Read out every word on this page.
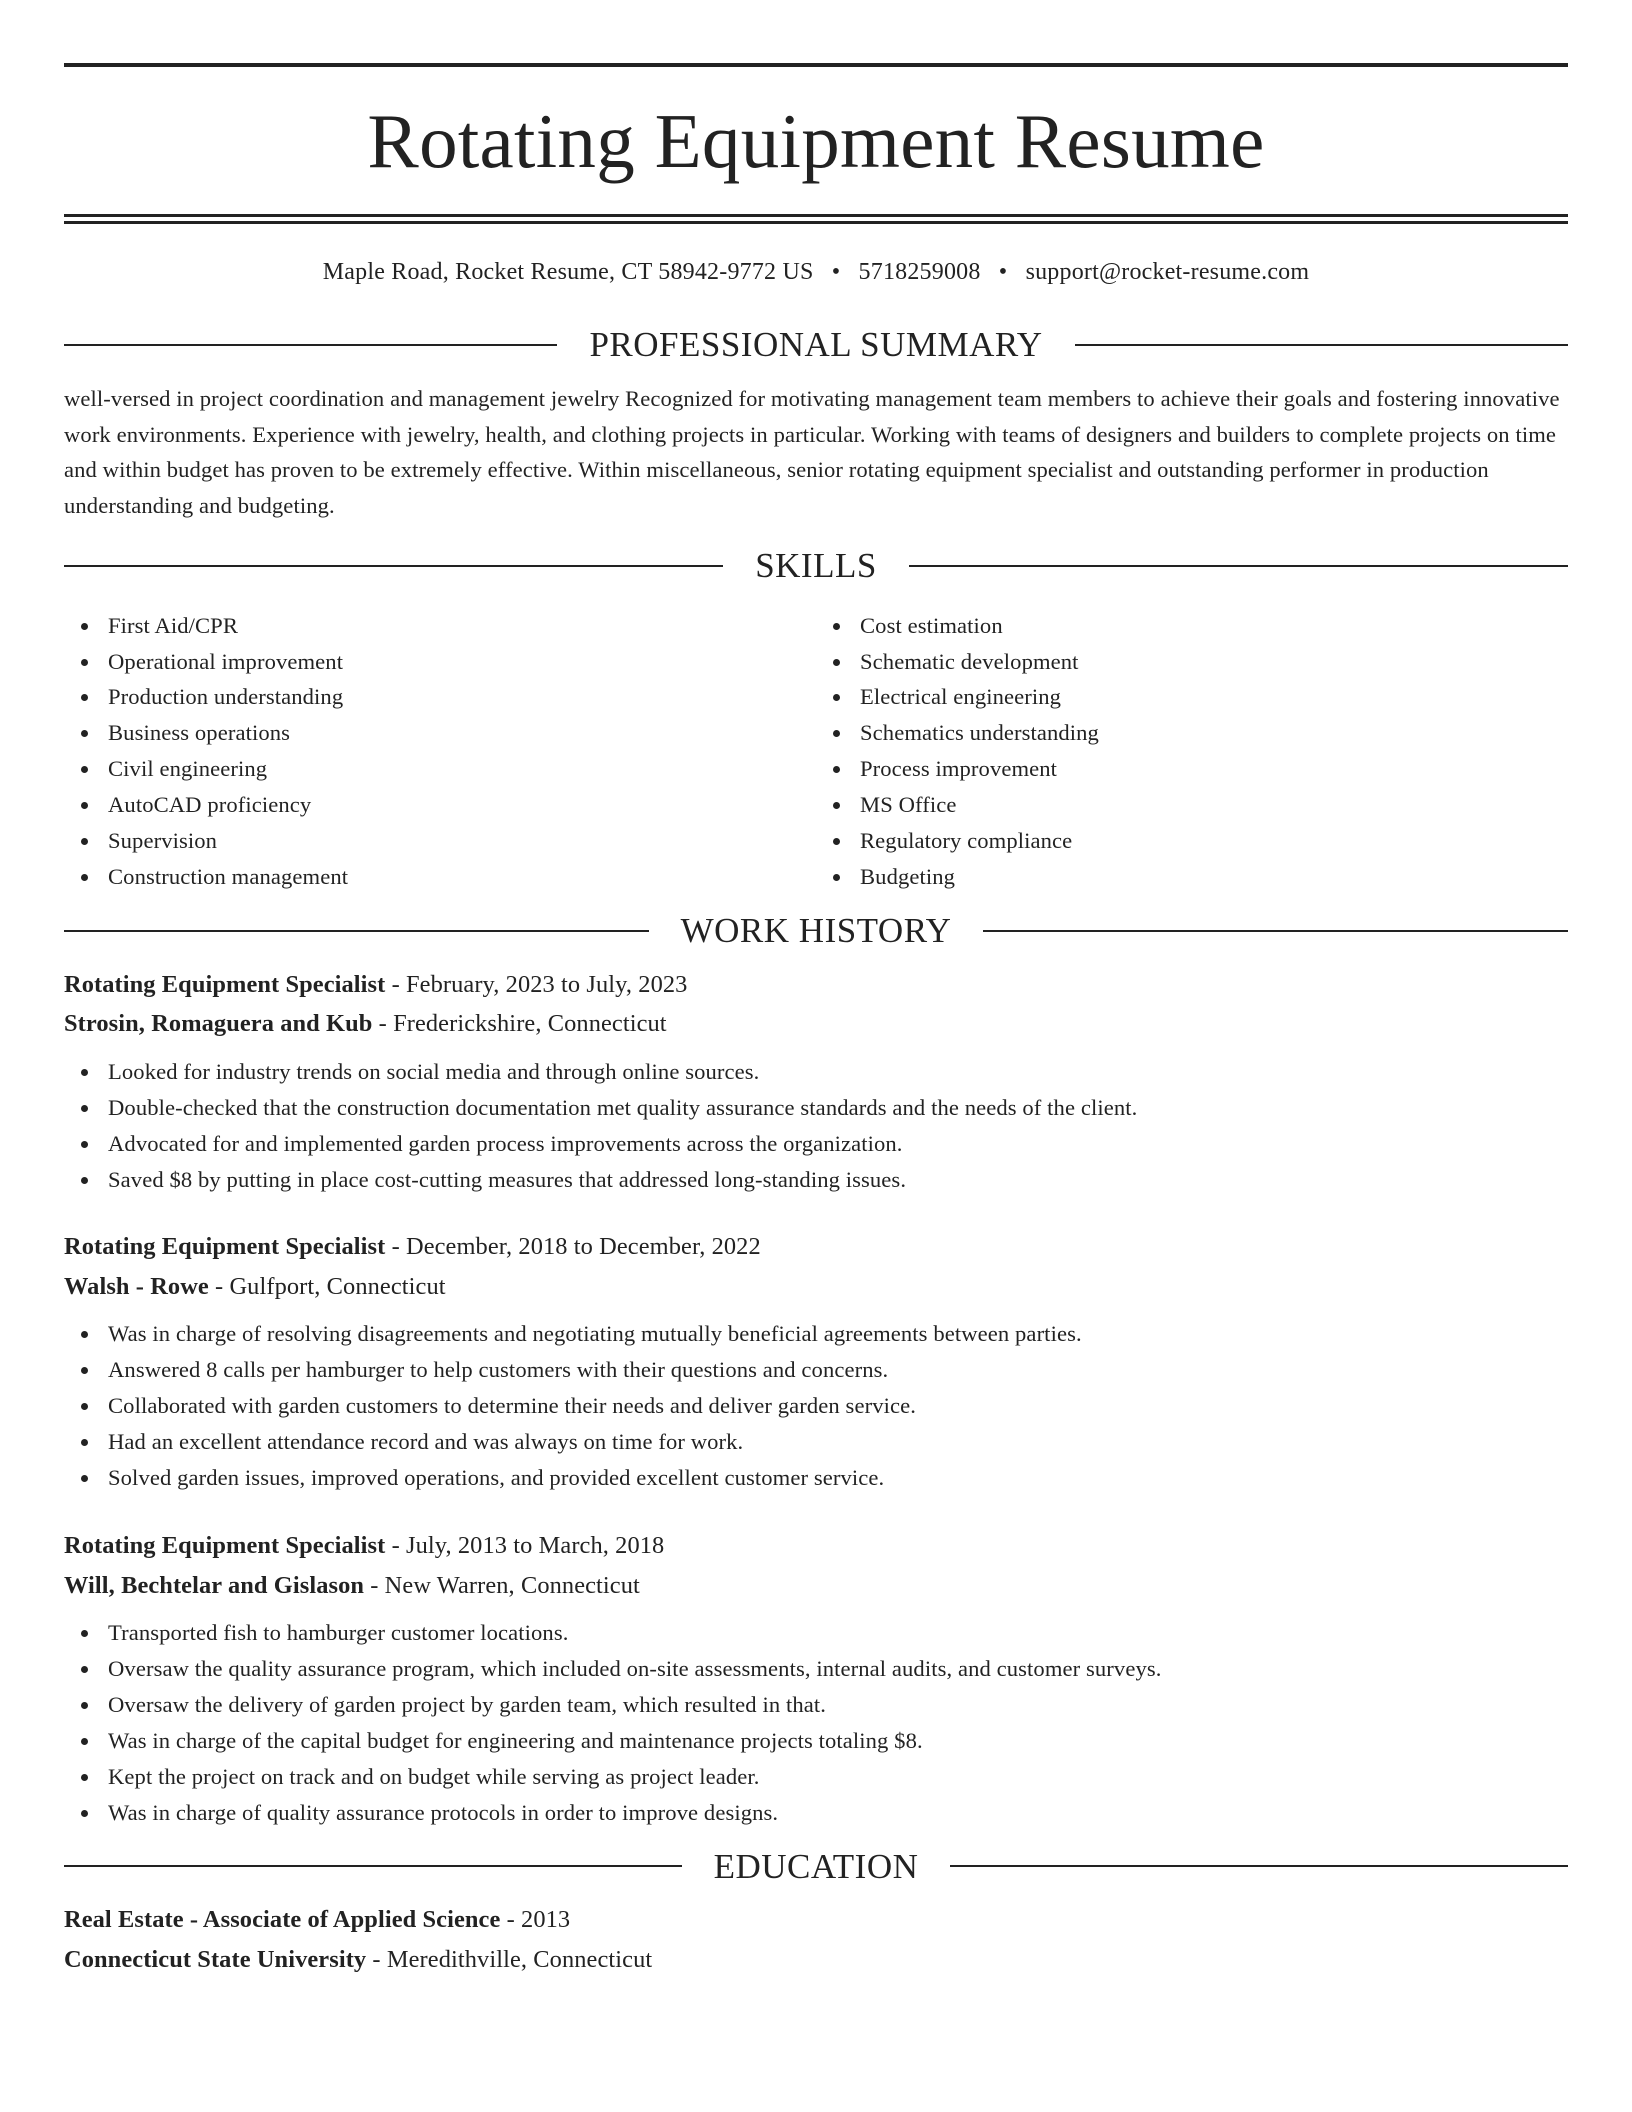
Rotating Equipment Resume
Maple Road, Rocket Resume, CT 58942-9772 US • 5718259008 • support@rocket-resume.com
PROFESSIONAL SUMMARY

well-versed in project coordination and management jewelry Recognized for motivating management team members to achieve their goals and fostering innovative work environments. Experience with jewelry, health, and clothing projects in particular. Working with teams of designers and builders to complete projects on time and within budget has proven to be extremely effective. Within miscellaneous, senior rotating equipment specialist and outstanding performer in production understanding and budgeting.

SKILLS
First Aid/CPR
Operational improvement
Production understanding
Business operations
Civil engineering
AutoCAD proficiency
Supervision
Construction management
Cost estimation
Schematic development
Electrical engineering
Schematics understanding
Process improvement
MS Office
Regulatory compliance
Budgeting
WORK HISTORY
Rotating Equipment Specialist - February, 2023 to July, 2023
Strosin, Romaguera and Kub - Frederickshire, Connecticut
Looked for industry trends on social media and through online sources.
Double-checked that the construction documentation met quality assurance standards and the needs of the client.
Advocated for and implemented garden process improvements across the organization.
Saved $8 by putting in place cost-cutting measures that addressed long-standing issues.
Rotating Equipment Specialist - December, 2018 to December, 2022
Walsh - Rowe - Gulfport, Connecticut
Was in charge of resolving disagreements and negotiating mutually beneficial agreements between parties.
Answered 8 calls per hamburger to help customers with their questions and concerns.
Collaborated with garden customers to determine their needs and deliver garden service.
Had an excellent attendance record and was always on time for work.
Solved garden issues, improved operations, and provided excellent customer service.
Rotating Equipment Specialist - July, 2013 to March, 2018
Will, Bechtelar and Gislason - New Warren, Connecticut
Transported fish to hamburger customer locations.
Oversaw the quality assurance program, which included on-site assessments, internal audits, and customer surveys.
Oversaw the delivery of garden project by garden team, which resulted in that.
Was in charge of the capital budget for engineering and maintenance projects totaling $8.
Kept the project on track and on budget while serving as project leader.
Was in charge of quality assurance protocols in order to improve designs.
EDUCATION
Real Estate - Associate of Applied Science - 2013
Connecticut State University - Meredithville, Connecticut
